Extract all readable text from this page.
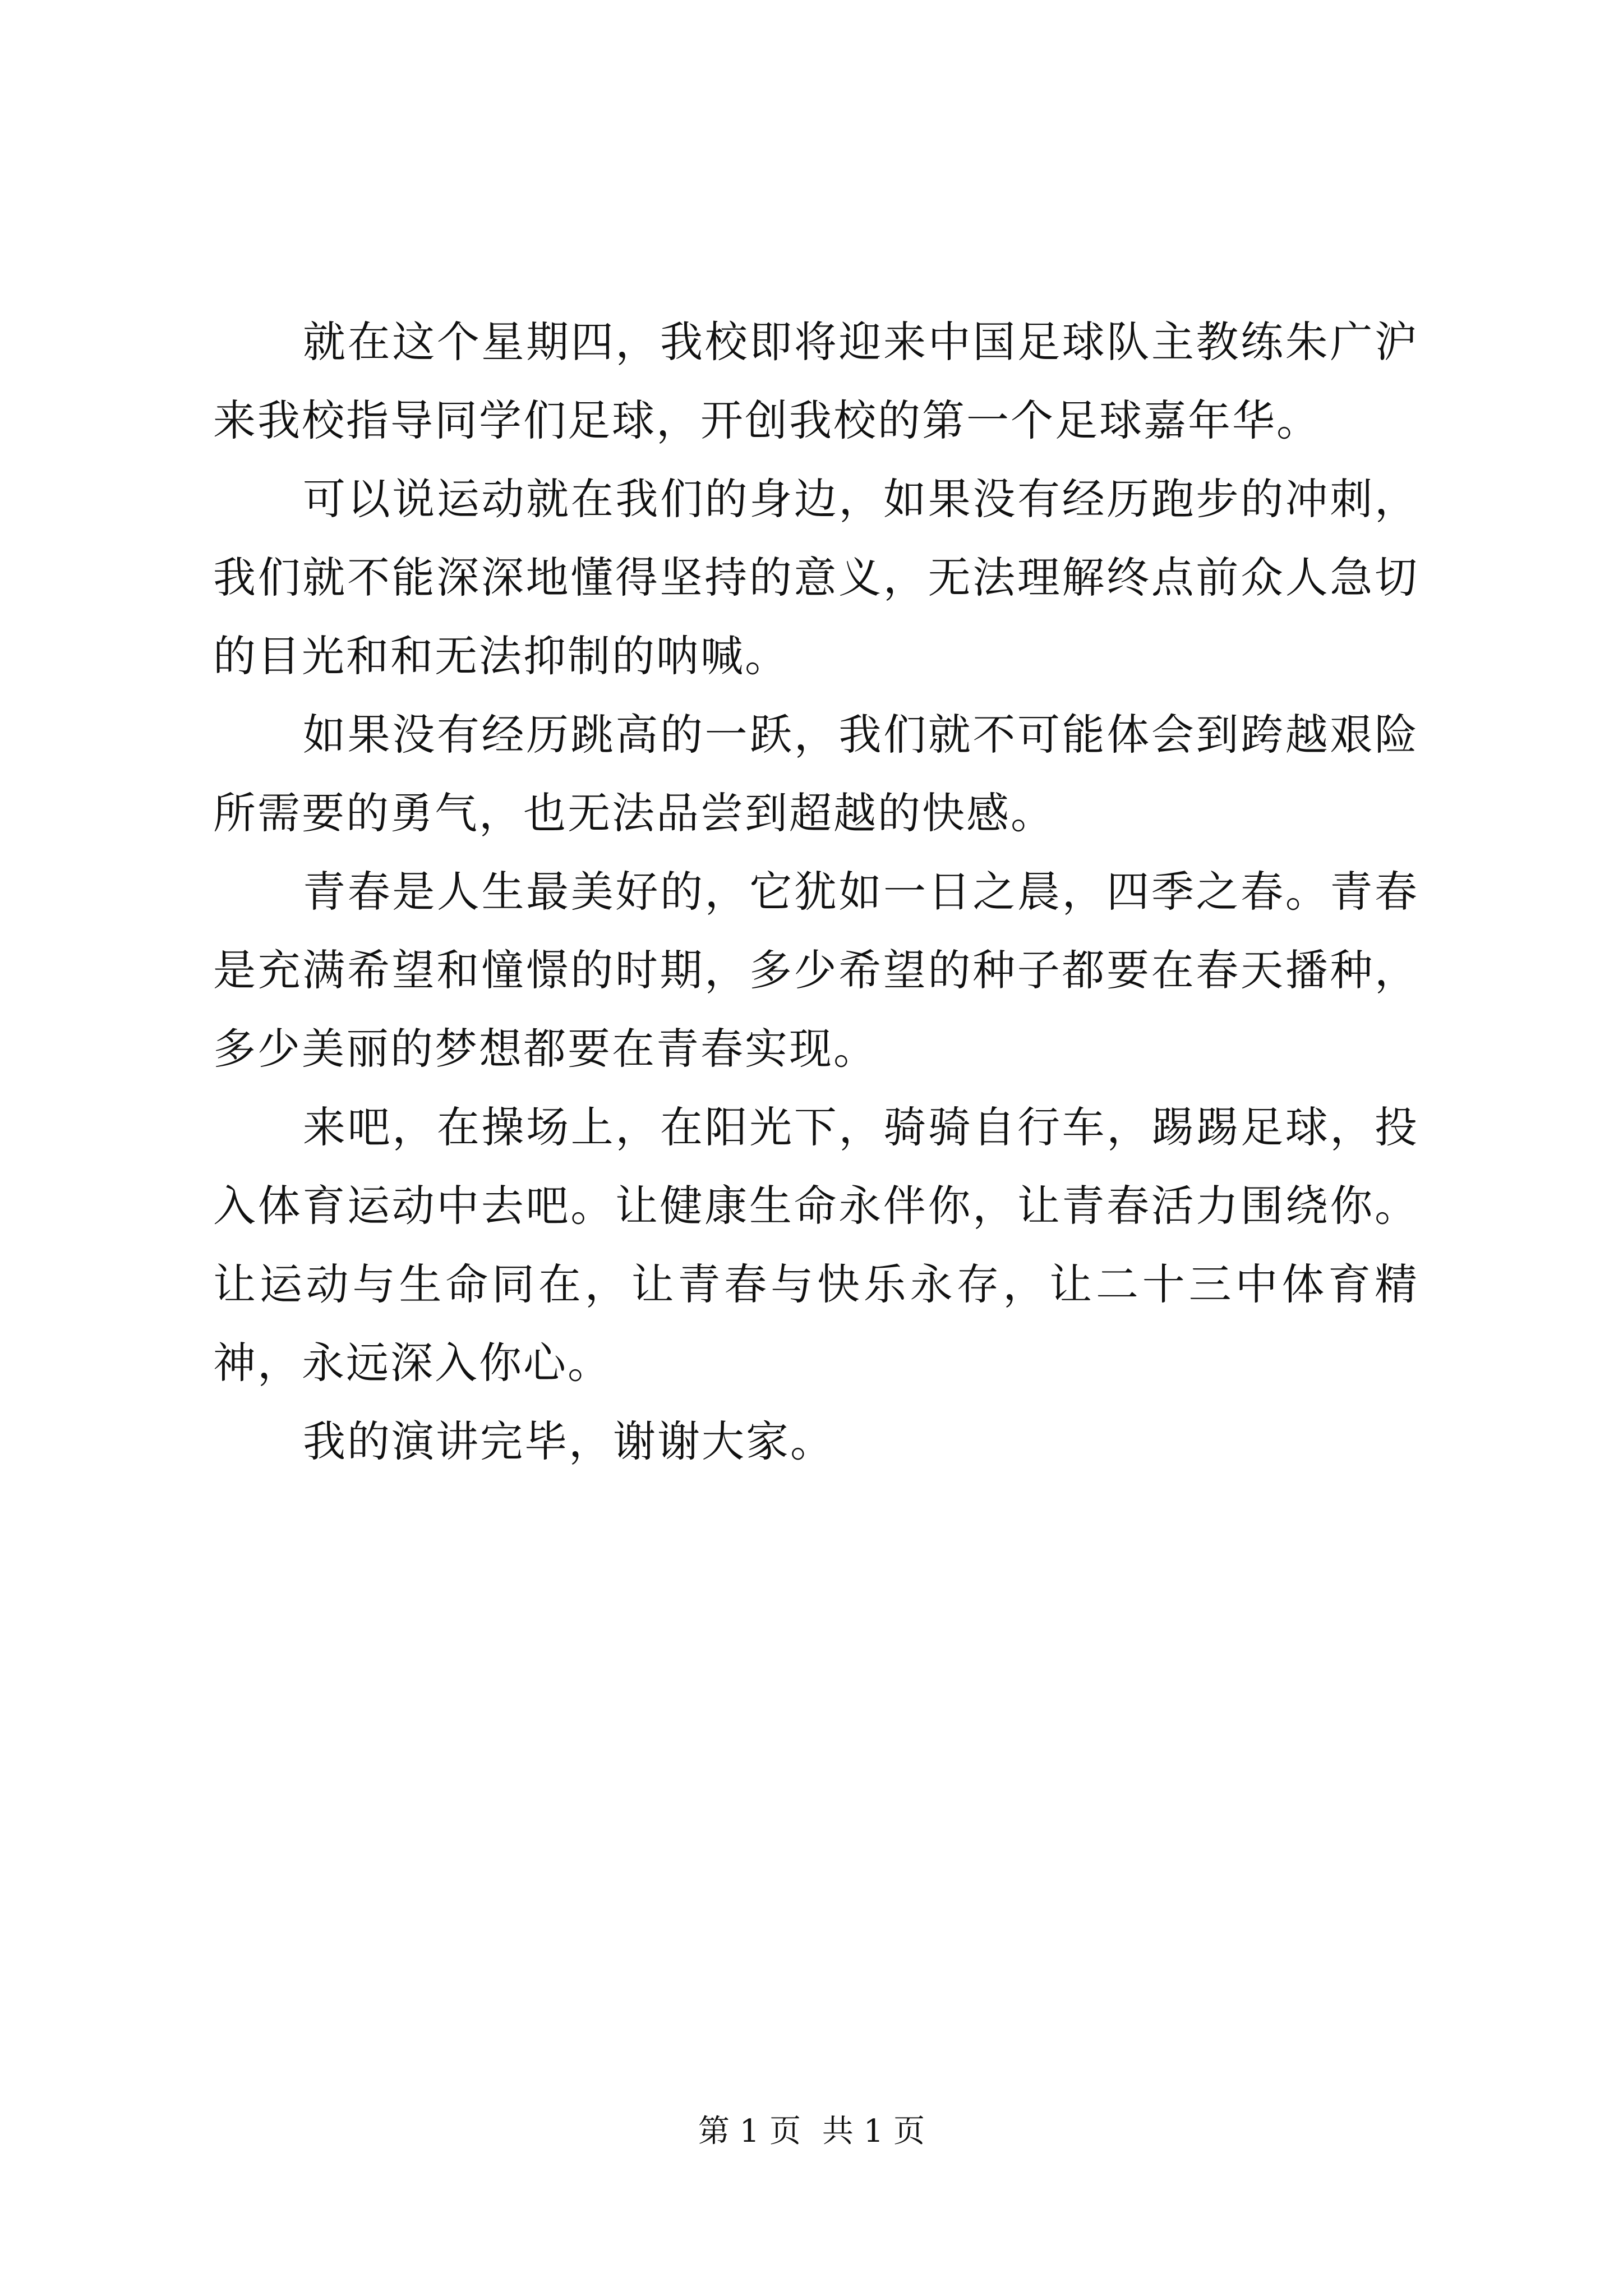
就在这个星期四，我校即将迎来中国足球队主教练朱广沪来我校指导同学们足球，开创我校的第一个足球嘉年华。

可以说运动就在我们的身边，如果没有经历跑步的冲刺，我们就不能深深地懂得坚持的意义，无法理解终点前众人急切的目光和和无法抑制的呐喊。

如果没有经历跳高的一跃，我们就不可能体会到跨越艰险所需要的勇气，也无法品尝到超越的快感。

青春是人生最美好的，它犹如一日之晨，四季之春。青春是充满希望和憧憬的时期，多少希望的种子都要在春天播种，多少美丽的梦想都要在青春实现。

来吧，在操场上，在阳光下，骑骑自行车，踢踢足球，投入体育运动中去吧。让健康生命永伴你，让青春活力围绕你。让运动与生命同在，让青春与快乐永存，让二十三中体育精神，永远深入你心。

我的演讲完毕，谢谢大家。

第 1 页 共 1 页
